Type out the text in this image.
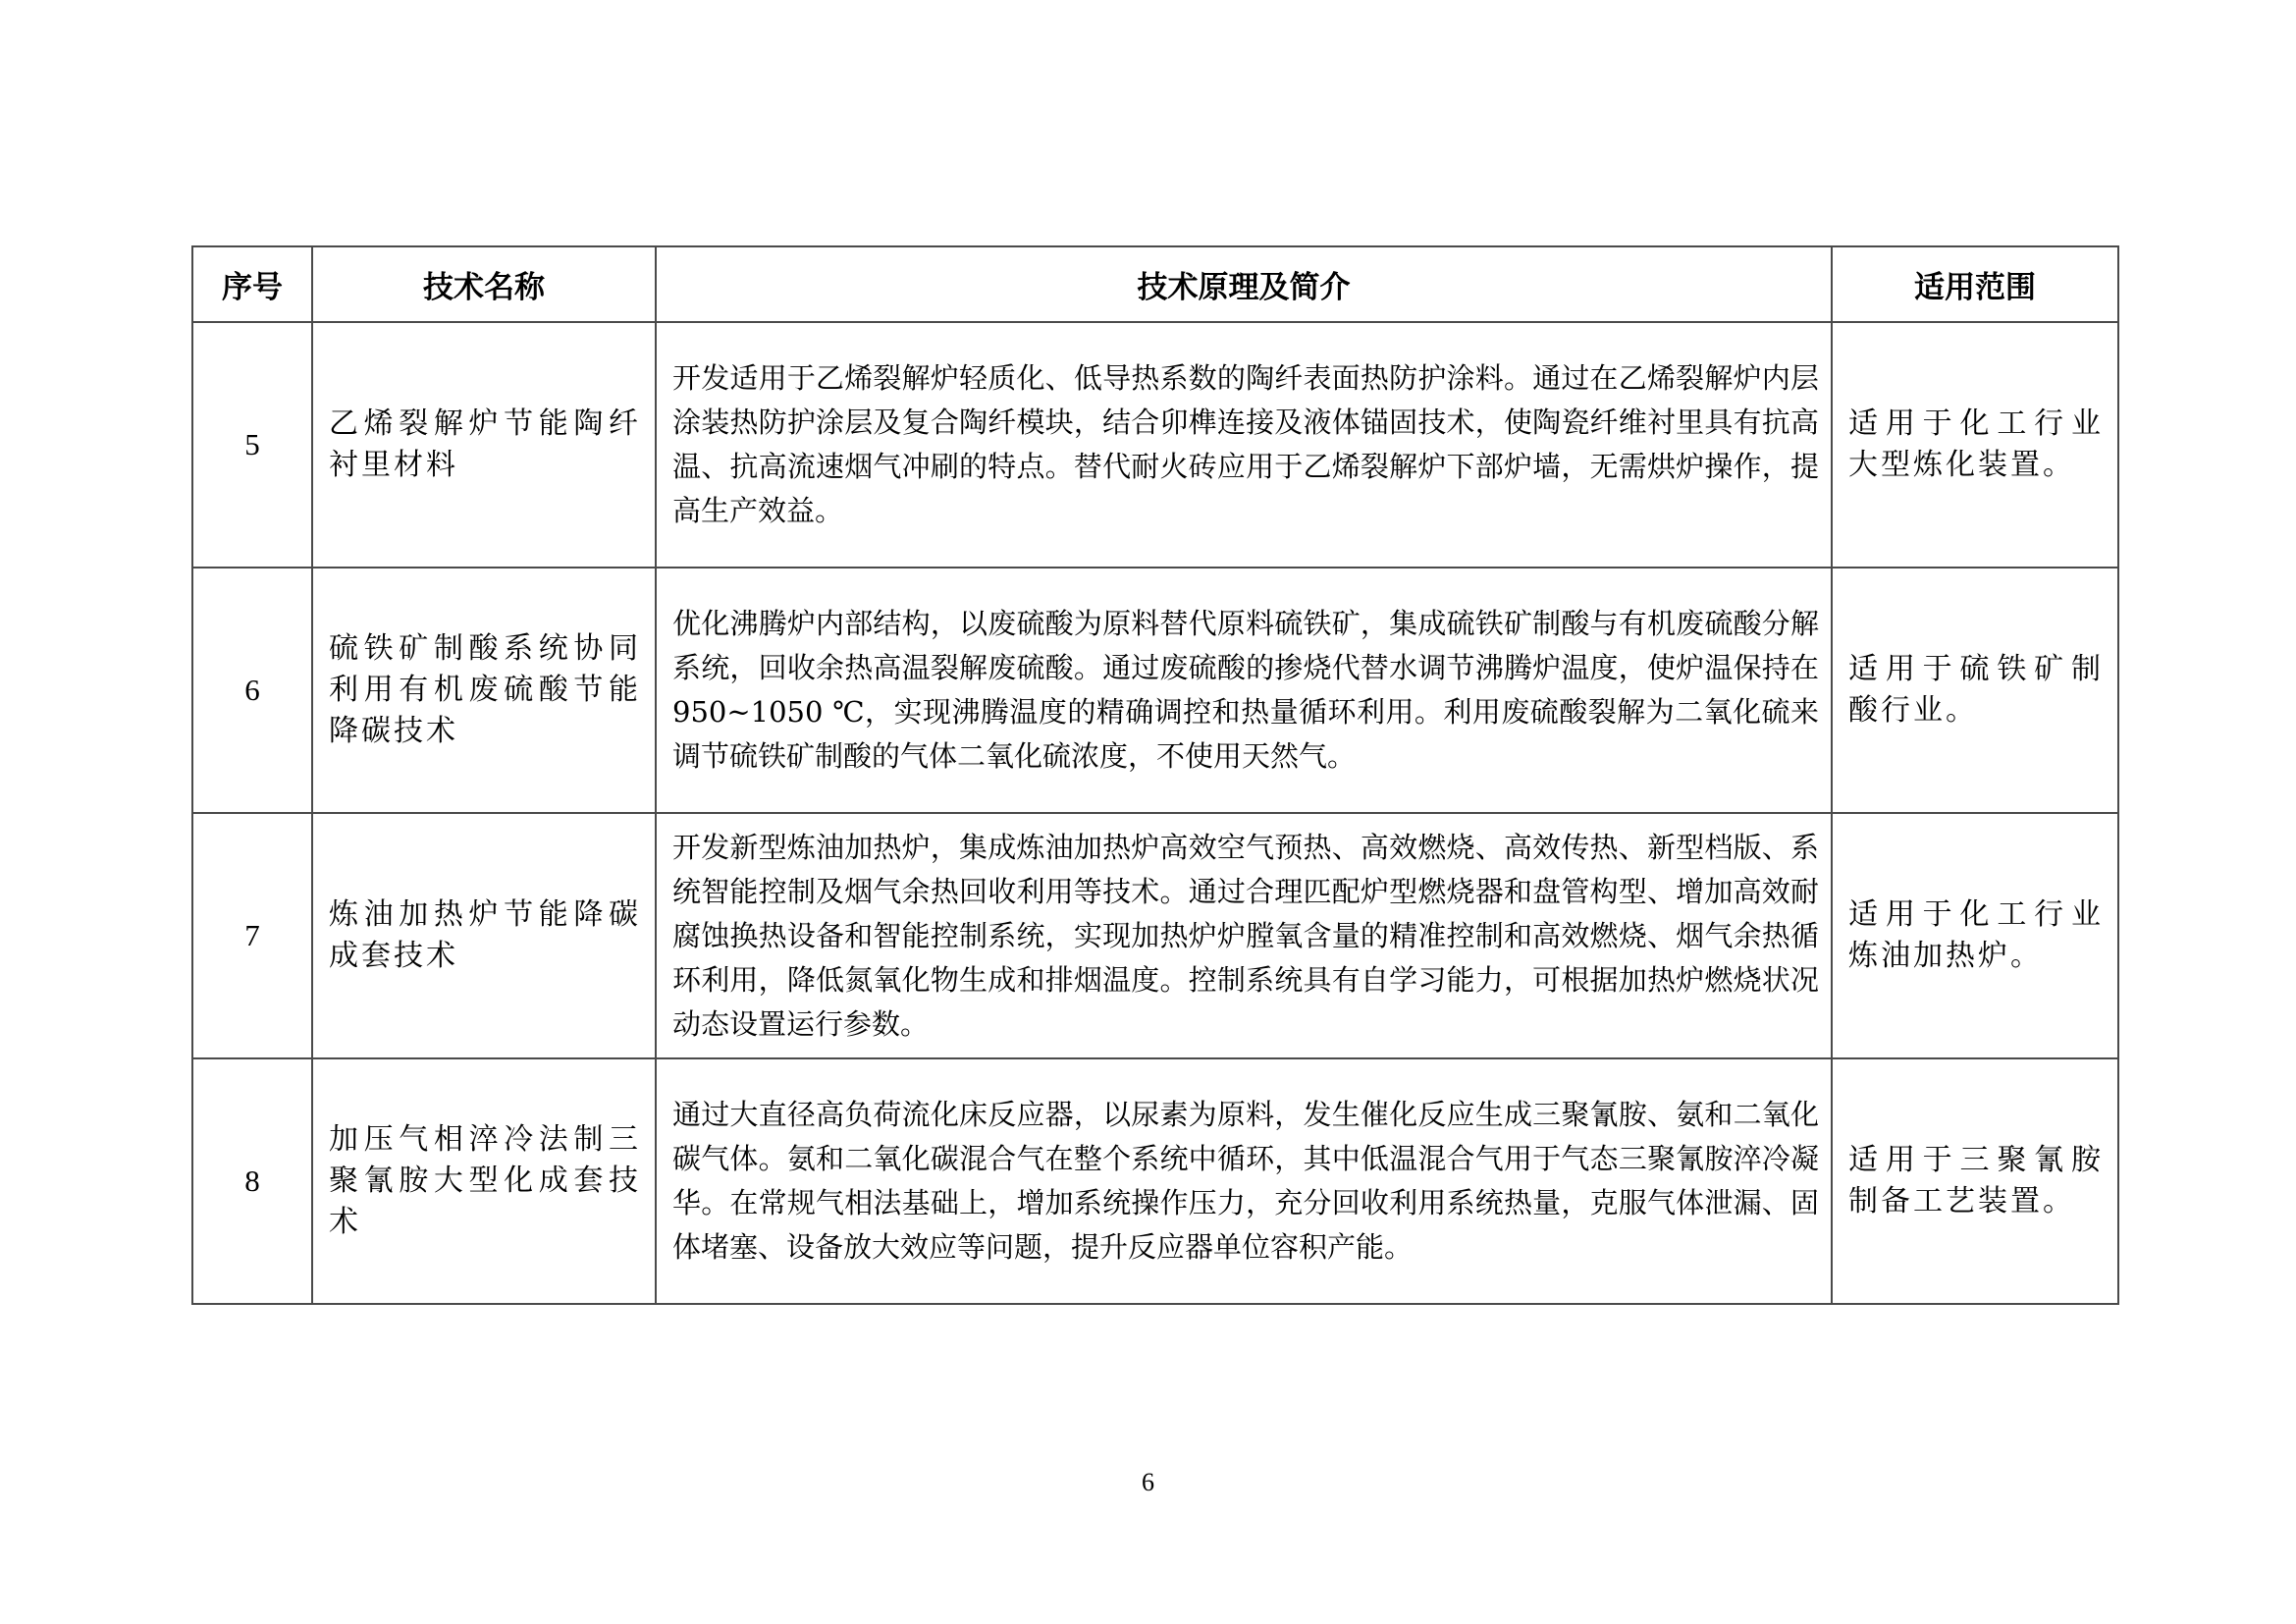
序号	技术名称	技术原理及简介	适用范围
5	乙烯裂解炉节能陶纤衬里材料	开发适用于乙烯裂解炉轻质化、低导热系数的陶纤表面热防护涂料。通过在乙烯裂解炉内层涂装热防护涂层及复合陶纤模块，结合卯榫连接及液体锚固技术，使陶瓷纤维衬里具有抗高温、抗高流速烟气冲刷的特点。替代耐火砖应用于乙烯裂解炉下部炉墙，无需烘炉操作，提高生产效益。	适用于化工行业大型炼化装置。
6	硫铁矿制酸系统协同利用有机废硫酸节能降碳技术	优化沸腾炉内部结构，以废硫酸为原料替代原料硫铁矿，集成硫铁矿制酸与有机废硫酸分解系统，回收余热高温裂解废硫酸。通过废硫酸的掺烧代替水调节沸腾炉温度，使炉温保持在 950~1050 ℃，实现沸腾温度的精确调控和热量循环利用。利用废硫酸裂解为二氧化硫来调节硫铁矿制酸的气体二氧化硫浓度，不使用天然气。	适用于硫铁矿制酸行业。
7	炼油加热炉节能降碳成套技术	开发新型炼油加热炉，集成炼油加热炉高效空气预热、高效燃烧、高效传热、新型档版、系统智能控制及烟气余热回收利用等技术。通过合理匹配炉型燃烧器和盘管构型、增加高效耐腐蚀换热设备和智能控制系统，实现加热炉炉膛氧含量的精准控制和高效燃烧、烟气余热循环利用，降低氮氧化物生成和排烟温度。控制系统具有自学习能力，可根据加热炉燃烧状况动态设置运行参数。	适用于化工行业炼油加热炉。
8	加压气相淬冷法制三聚氰胺大型化成套技术	通过大直径高负荷流化床反应器，以尿素为原料，发生催化反应生成三聚氰胺、氨和二氧化碳气体。氨和二氧化碳混合气在整个系统中循环，其中低温混合气用于气态三聚氰胺淬冷凝华。在常规气相法基础上，增加系统操作压力，充分回收利用系统热量，克服气体泄漏、固体堵塞、设备放大效应等问题，提升反应器单位容积产能。	适用于三聚氰胺制备工艺装置。
6
